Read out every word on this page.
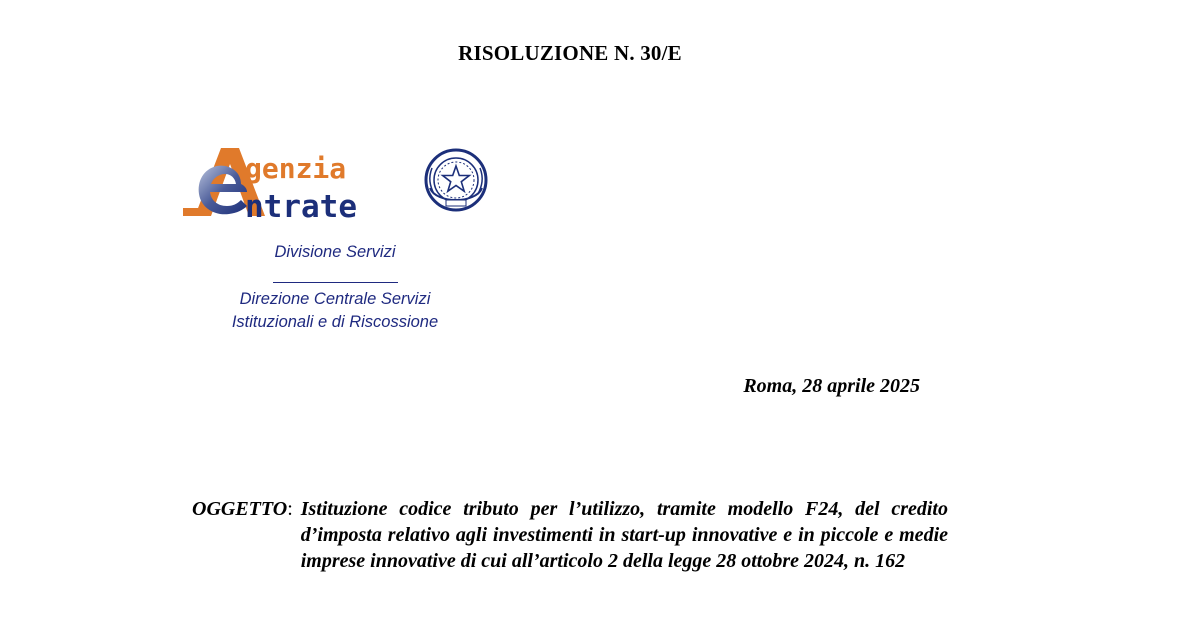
RISOLUZIONE N. 30/E
genzia
ntrate
Divisione Servizi
Direzione Centrale Servizi
Istituzionali e di Riscossione
Roma, 28 aprile 2025
OGGETTO: Istituzione codice tributo per l’utilizzo, tramite modello F24, del credito d’imposta relativo agli investimenti in start-up innovative e in piccole e medie imprese innovative di cui all’articolo 2 della legge 28 ottobre 2024, n. 162
